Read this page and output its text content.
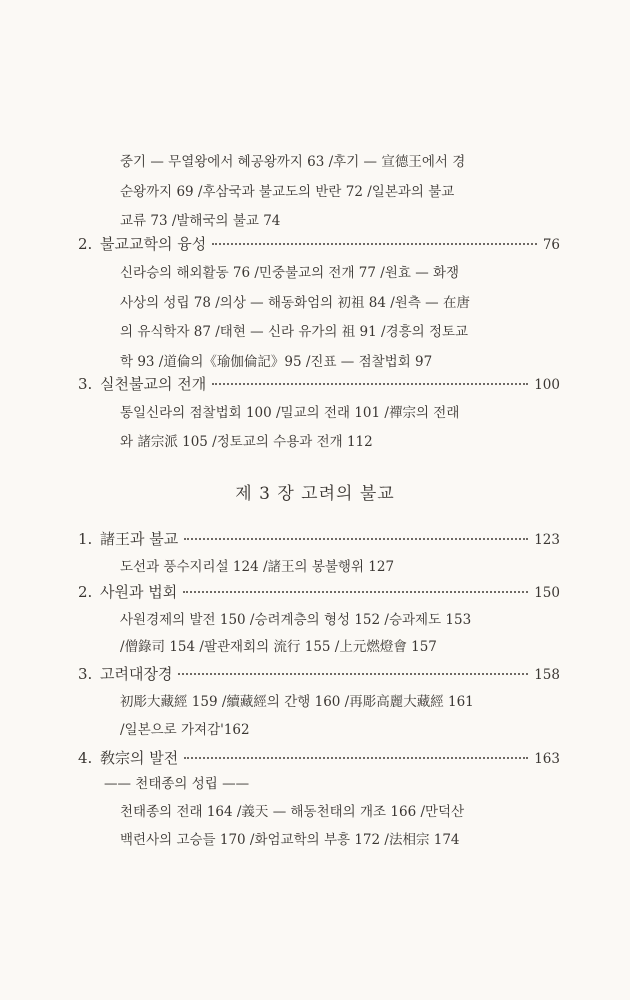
중기 — 무열왕에서 혜공왕까지 63 /후기 — 宣德王에서 경
순왕까지 69 /후삼국과 불교도의 반란 72 /일본과의 불교
교류 73 /발해국의 불교 74
2. 불교교학의 융성	76
신라승의 해외활동 76 /민중불교의 전개 77 /원효 — 화쟁
사상의 성립 78 /의상 — 해동화엄의 初祖 84 /원측 — 在唐
의 유식학자 87 /태현 — 신라 유가의 祖 91 /경흥의 정토교
학 93 /道倫의《瑜伽倫記》95 /진표 — 점찰법회 97
3. 실천불교의 전개	100
통일신라의 점찰법회 100 /밀교의 전래 101 /禪宗의 전래
와 諸宗派 105 /정토교의 수용과 전개 112
제 3 장 고려의 불교
1. 諸王과 불교	123
도선과 풍수지리설 124 /諸王의 봉불행위 127
2. 사원과 법회	150
사원경제의 발전 150 /승려계층의 형성 152 /승과제도 153
/僧錄司 154 /팔관재회의 流行 155 /上元燃燈會 157
3. 고려대장경	158
初彫大藏經 159 /續藏經의 간행 160 /再彫高麗大藏經 161
/일본으로 가져감'162
4. 敎宗의 발전	163
—— 천태종의 성립 ——
천태종의 전래 164 /義天 — 해동천태의 개조 166 /만덕산
백련사의 고승들 170 /화엄교학의 부흥 172 /法相宗 174
